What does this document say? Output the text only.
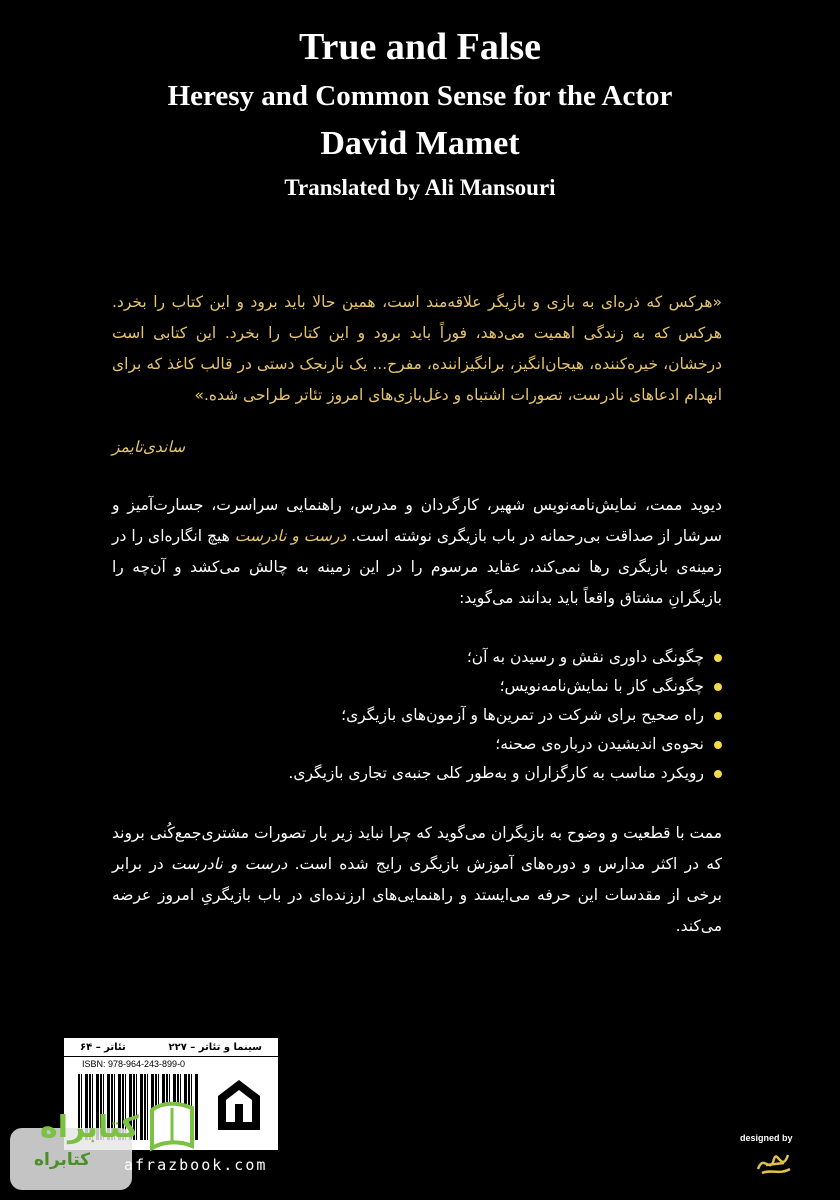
True and False
Heresy and Common Sense for the Actor
David Mamet
Translated by Ali Mansouri
«هرکس که ذره‌ای به بازی و بازیگر علاقه‌مند است، همین حالا باید برود و این کتاب را بخرد. هرکس که به زندگی اهمیت می‌دهد، فوراً باید برود و این کتاب را بخرد. این کتابی است درخشان، خیره‌کننده، هیجان‌انگیز، برانگیزاننده، مفرح... یک نارنجک دستی در قالب کاغذ که برای انهدام ادعاهای نادرست، تصورات اشتباه و دغل‌بازی‌های امروز تئاتر طراحی شده.»
ساندی‌تایمز
دیوید ممت، نمایش‌نامه‌نویس شهیر، کارگردان و مدرس، راهنمایی سراسرت، جسارت‌آمیز و سرشار از صداقت بی‌رحمانه در باب بازیگری نوشته است. درست و نادرست هیچ انگاره‌ای را در زمینه‌ی بازیگری رها نمی‌کند، عقاید مرسوم را در این زمینه به چالش می‌کشد و آن‌چه را بازیگرانِ مشتاق واقعاً باید بدانند می‌گوید:
چگونگی داوری نقش و رسیدن به آن؛
چگونگی کار با نمایش‌نامه‌نویس؛
راه صحیح برای شرکت در تمرین‌ها و آزمون‌های بازیگری؛
نحوه‌ی اندیشیدن درباره‌ی صحنه؛
رویکرد مناسب به کارگزاران و به‌طور کلی جنبه‌ی تجاری بازیگری.
ممت با قطعیت و وضوح به بازیگران می‌گوید که چرا نباید زیر بار تصورات مشتری‌جمع‌کُنی بروند که در اکثر مدارس و دوره‌های آموزش بازیگری رایج شده است. درست و نادرست در برابر برخی از مقدسات این حرفه می‌ایستد و راهنمایی‌های ارزنده‌ای در باب بازیگریِ امروز عرضه می‌کند.
سینما و تئاتر – ۲۲۷
تئاتر – ۶۴
ISBN: 978-964-243-899-0
کتابراه
کتابراه afrazbook.com
designed by
